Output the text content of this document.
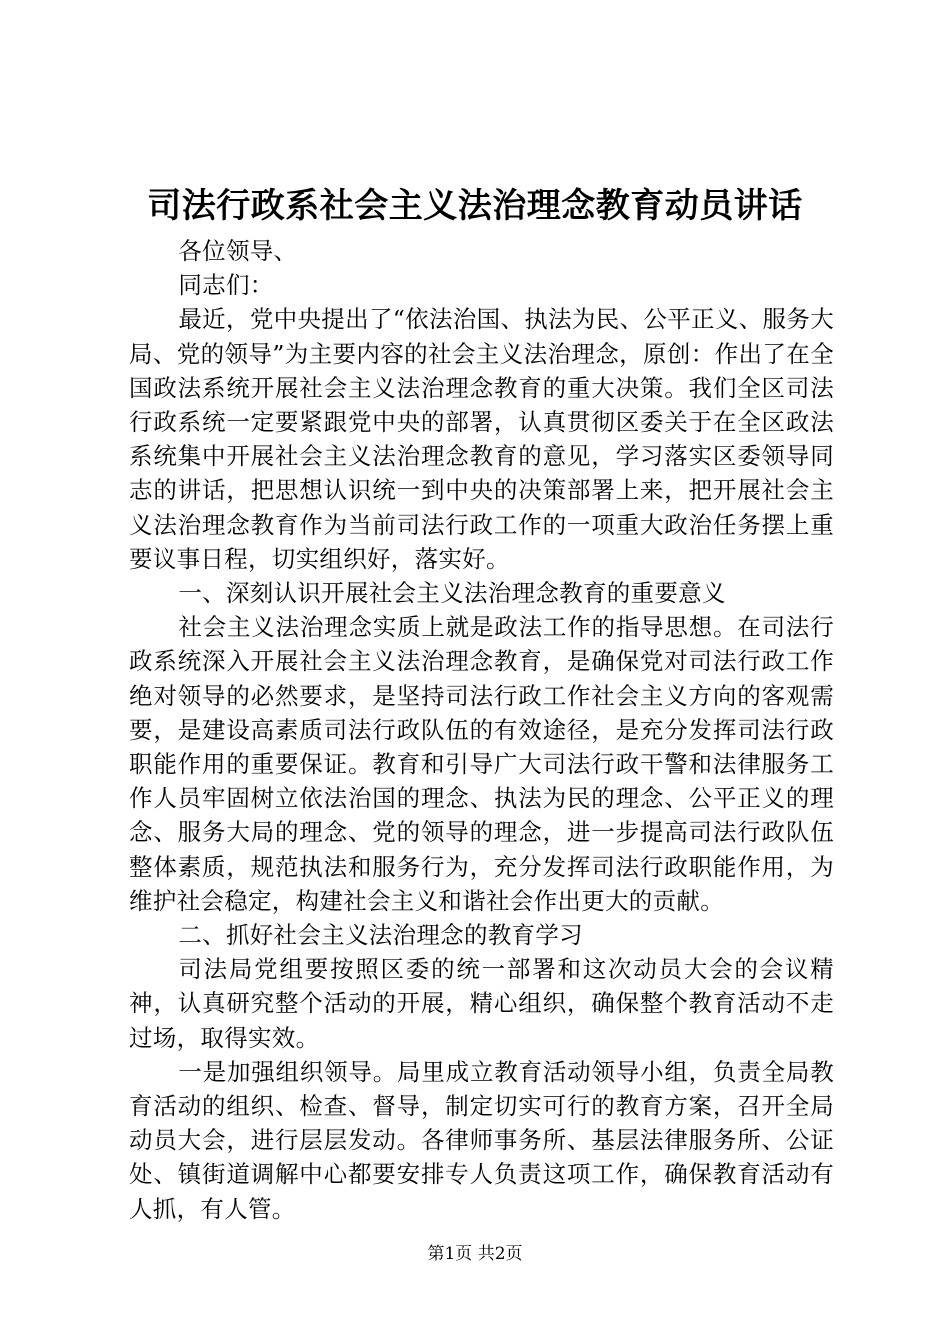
司法行政系社会主义法治理念教育动员讲话

各位领导、

同志们：

最近，党中央提出了“依法治国、执法为民、公平正义、服务大局、党的领导”为主要内容的社会主义法治理念，原创：作出了在全国政法系统开展社会主义法治理念教育的重大决策。我们全区司法行政系统一定要紧跟党中央的部署，认真贯彻区委关于在全区政法系统集中开展社会主义法治理念教育的意见，学习落实区委领导同志的讲话，把思想认识统一到中央的决策部署上来，把开展社会主义法治理念教育作为当前司法行政工作的一项重大政治任务摆上重要议事日程，切实组织好，落实好。

一、深刻认识开展社会主义法治理念教育的重要意义

社会主义法治理念实质上就是政法工作的指导思想。在司法行政系统深入开展社会主义法治理念教育，是确保党对司法行政工作绝对领导的必然要求，是坚持司法行政工作社会主义方向的客观需要，是建设高素质司法行政队伍的有效途径，是充分发挥司法行政职能作用的重要保证。教育和引导广大司法行政干警和法律服务工作人员牢固树立依法治国的理念、执法为民的理念、公平正义的理念、服务大局的理念、党的领导的理念，进一步提高司法行政队伍整体素质，规范执法和服务行为，充分发挥司法行政职能作用，为维护社会稳定，构建社会主义和谐社会作出更大的贡献。

二、抓好社会主义法治理念的教育学习

司法局党组要按照区委的统一部署和这次动员大会的会议精神，认真研究整个活动的开展，精心组织，确保整个教育活动不走过场，取得实效。

一是加强组织领导。局里成立教育活动领导小组，负责全局教育活动的组织、检查、督导，制定切实可行的教育方案，召开全局动员大会，进行层层发动。各律师事务所、基层法律服务所、公证处、镇街道调解中心都要安排专人负责这项工作，确保教育活动有人抓，有人管。

第1页 共2页
